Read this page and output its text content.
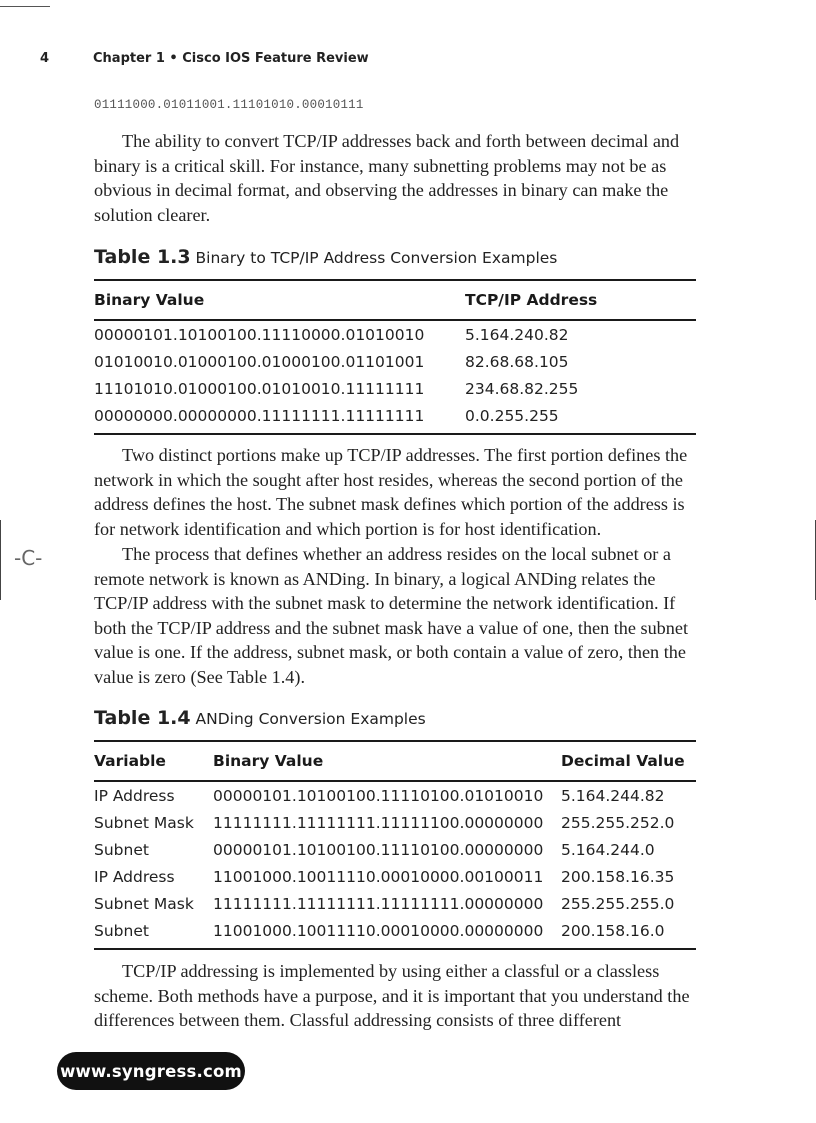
-С-
4	Chapter 1 • Cisco IOS Feature Review
01111000.01011001.11101010.00010111
The ability to convert TCP/IP addresses back and forth between decimal and binary is a critical skill. For instance, many subnetting problems may not be as obvious in decimal format, and observing the addresses in binary can make the solution clearer.
Table 1.3 Binary to TCP/IP Address Conversion Examples
Binary Value	TCP/IP Address
00000101.10100100.11110000.01010010	5.164.240.82
01010010.01000100.01000100.01101001	82.68.68.105
11101010.01000100.01010010.11111111	234.68.82.255
00000000.00000000.11111111.11111111	0.0.255.255
Two distinct portions make up TCP/IP addresses. The first portion defines the network in which the sought after host resides, whereas the second portion of the address defines the host. The subnet mask defines which portion of the address is for network identification and which portion is for host identification.
The process that defines whether an address resides on the local subnet or a remote network is known as ANDing. In binary, a logical ANDing relates the TCP/IP address with the subnet mask to determine the network identification. If both the TCP/IP address and the subnet mask have a value of one, then the subnet value is one. If the address, subnet mask, or both contain a value of zero, then the value is zero (See Table 1.4).
Table 1.4 ANDing Conversion Examples
Variable	Binary Value	Decimal Value
IP Address 00000101.10100100.11110100.01010010 5.164.244.82
Subnet Mask 11111111.11111111.11111100.00000000 255.255.252.0
Subnet	00000101.10100100.11110100.00000000 5.164.244.0
IP Address 11001000.10011110.00010000.00100011 200.158.16.35
Subnet Mask 11111111.11111111.11111111.00000000 255.255.255.0
Subnet	11001000.10011110.00010000.00000000 200.158.16.0
TCP/IP addressing is implemented by using either a classful or a classless scheme. Both methods have a purpose, and it is important that you understand the differences between them. Classful addressing consists of three different
www.syngress.com
